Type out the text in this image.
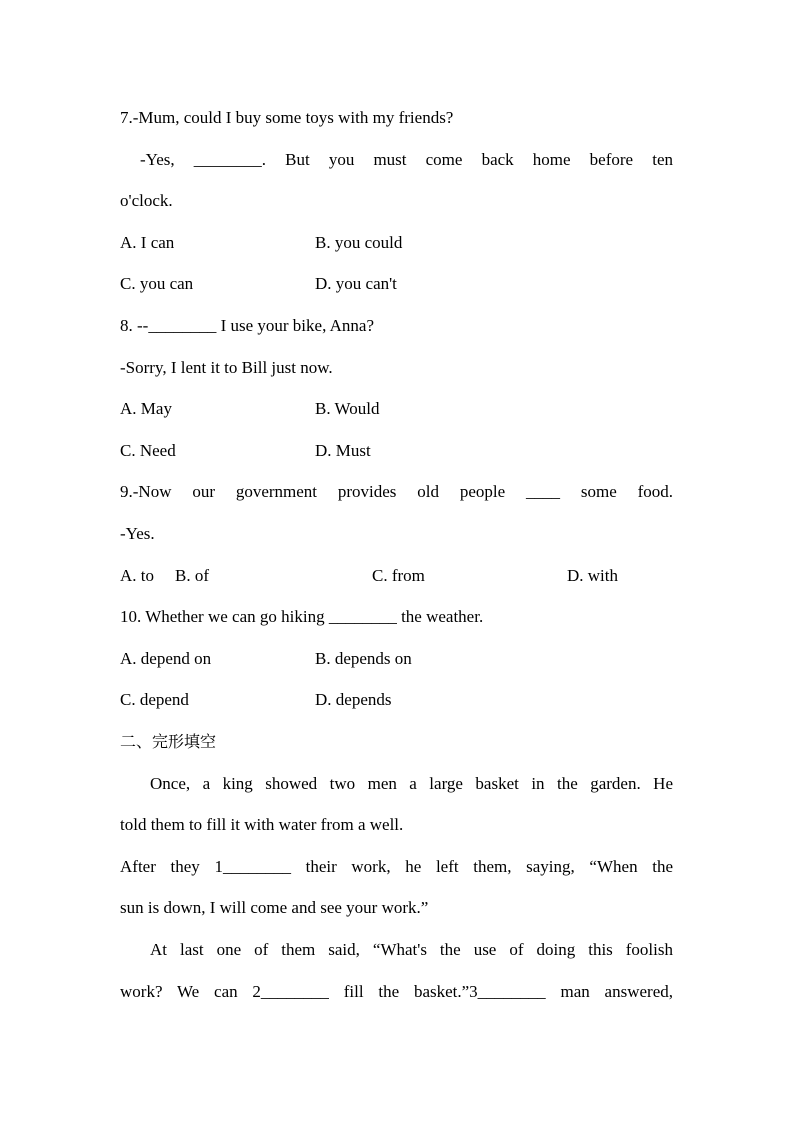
7.-Mum, could I buy some toys with my friends?
-Yes, ________. But you must come back home before ten
o'clock.
A. I can	B. you could
C. you can	D. you can't
8. --________ I use your bike, Anna?
-Sorry, I lent it to Bill just now.
A. May	B. Would
C. Need	D. Must
9.-Now our government provides old people ____ some food.
-Yes.
A. to B. of	C. from	D. with
10. Whether we can go hiking ________ the weather.
A. depend on	B. depends on
C. depend	D. depends
二、完形填空
Once, a king showed two men a large basket in the garden. He
told them to fill it with water from a well.
After they 1________ their work, he left them, saying, “When the
sun is down, I will come and see your work.”
At last one of them said, “What's the use of doing this foolish
work? We can 2________ fill the basket.”3________ man answered,
